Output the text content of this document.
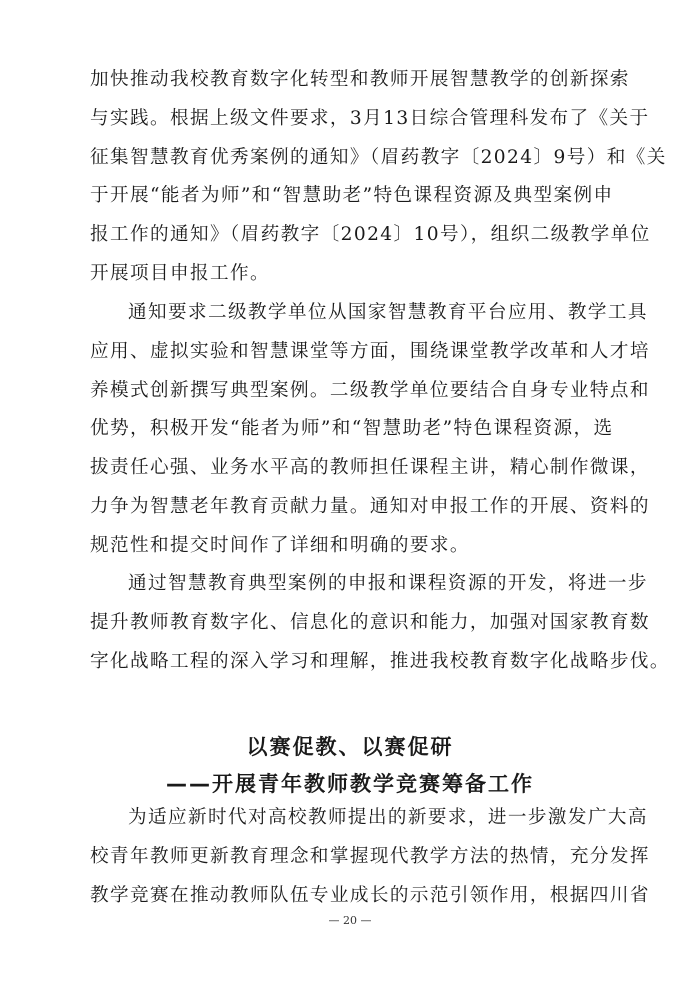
加快推动我校教育数字化转型和教师开展智慧教学的创新探索
与实践。根据上级文件要求，3月13日综合管理科发布了《关于
征集智慧教育优秀案例的通知》（眉药教字〔2024〕9号）和《关
于开展“能者为师”和“智慧助老”特色课程资源及典型案例申
报工作的通知》（眉药教字〔2024〕10号），组织二级教学单位
开展项目申报工作。
通知要求二级教学单位从国家智慧教育平台应用、教学工具
应用、虚拟实验和智慧课堂等方面，围绕课堂教学改革和人才培
养模式创新撰写典型案例。二级教学单位要结合自身专业特点和
优势，积极开发“能者为师”和“智慧助老”特色课程资源，选
拔责任心强、业务水平高的教师担任课程主讲，精心制作微课，
力争为智慧老年教育贡献力量。通知对申报工作的开展、资料的
规范性和提交时间作了详细和明确的要求。
通过智慧教育典型案例的申报和课程资源的开发，将进一步
提升教师教育数字化、信息化的意识和能力，加强对国家教育数
字化战略工程的深入学习和理解，推进我校教育数字化战略步伐。
以赛促教、以赛促研
——开展青年教师教学竞赛筹备工作
为适应新时代对高校教师提出的新要求，进一步激发广大高
校青年教师更新教育理念和掌握现代教学方法的热情，充分发挥
教学竞赛在推动教师队伍专业成长的示范引领作用，根据四川省
— 20 —
